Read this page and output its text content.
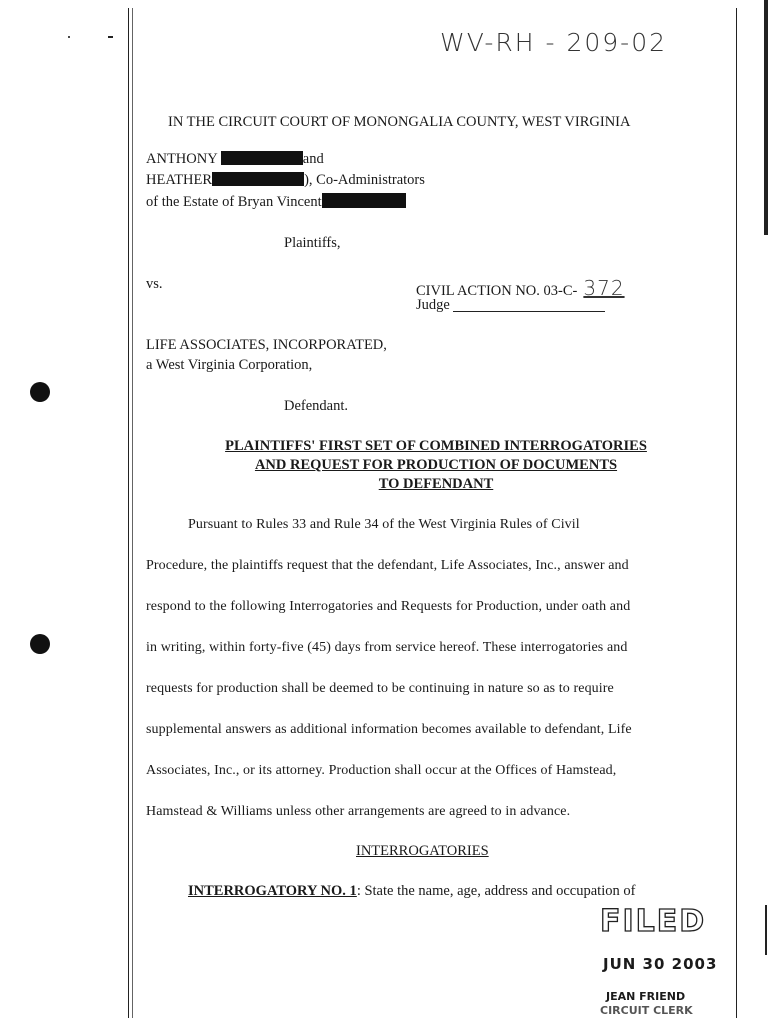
WV-RH - 209-02
IN THE CIRCUIT COURT OF MONONGALIA COUNTY, WEST VIRGINIA
ANTHONY	and
HEATHER	), Co-Administrators
of the Estate of Bryan Vincent
Plaintiffs,
vs.	CIVIL ACTION NO. 03-C- 372
Judge
LIFE ASSOCIATES, INCORPORATED,
a West Virginia Corporation,
Defendant.
PLAINTIFFS' FIRST SET OF COMBINED INTERROGATORIES
AND REQUEST FOR PRODUCTION OF DOCUMENTS
TO DEFENDANT
Pursuant to Rules 33 and Rule 34 of the West Virginia Rules of Civil
Procedure, the plaintiffs request that the defendant, Life Associates, Inc., answer and
respond to the following Interrogatories and Requests for Production, under oath and
in writing, within forty-five (45) days from service hereof. These interrogatories and
requests for production shall be deemed to be continuing in nature so as to require
supplemental answers as additional information becomes available to defendant, Life
Associates, Inc., or its attorney. Production shall occur at the Offices of Hamstead,
Hamstead & Williams unless other arrangements are agreed to in advance.
INTERROGATORIES
INTERROGATORY NO. 1: State the name, age, address and occupation of
FILED
JUN 30 2003
JEAN FRIEND
CIRCUIT CLERK
